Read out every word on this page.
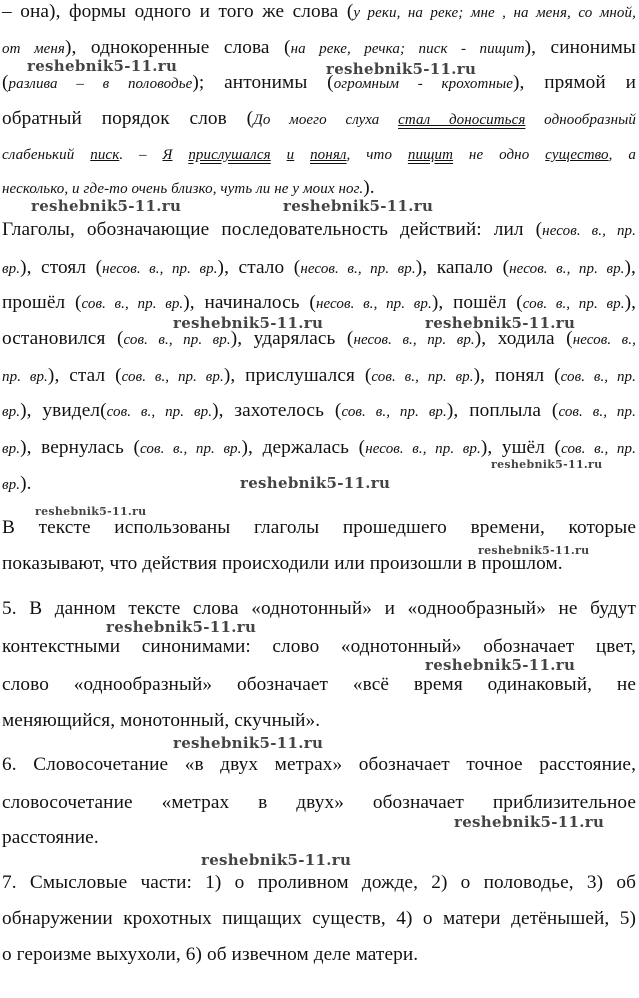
– она), формы одного и того же слова (у реки, на реке; мне , на меня, со мной,
от меня), однокоренные слова (на реке, речка; писк - пищит), синонимы
(разлива – в половодье); антонимы (огромным - крохотные), прямой и
обратный порядок слов (До моего слуха стал доноситься однообразный
слабенький писк. – Я прислушался и понял, что пищит не одно существо, а
несколько, и где-то очень близко, чуть ли не у моих ног.).
Глаголы, обозначающие последовательность действий: лил (несов. в., пр.
вр.), стоял (несов. в., пр. вр.), стало (несов. в., пр. вр.), капало (несов. в., пр. вр.),
прошёл (сов. в., пр. вр.), начиналось (несов. в., пр. вр.), пошёл (сов. в., пр. вр.),
остановился (сов. в., пр. вр.), ударялась (несов. в., пр. вр.), ходила (несов. в.,
пр. вр.), стал (сов. в., пр. вр.), прислушался (сов. в., пр. вр.), понял (сов. в., пр.
вр.), увидел(сов. в., пр. вр.), захотелось (сов. в., пр. вр.), поплыла (сов. в., пр.
вр.), вернулась (сов. в., пр. вр.), держалась (несов. в., пр. вр.), ушёл (сов. в., пр.
вр.).
В тексте использованы глаголы прошедшего времени, которые
показывают, что действия происходили или произошли в прошлом.
5. В данном тексте слова «однотонный» и «однообразный» не будут
контекстными синонимами: слово «однотонный» обозначает цвет,
слово «однообразный» обозначает «всё время одинаковый, не
меняющийся, монотонный, скучный».
6. Словосочетание «в двух метрах» обозначает точное расстояние,
словосочетание «метрах в двух» обозначает приблизительное
расстояние.
7. Смысловые части: 1) о проливном дожде, 2) о половодье, 3) об
обнаружении крохотных пищащих существ, 4) о матери детёнышей, 5)
о героизме выхухоли, 6) об извечном деле матери.
reshebnik5-11.ru	reshebnik5-11.ru
reshebnik5-11.ru	reshebnik5-11.ru
reshebnik5-11.ru	reshebnik5-11.ru
reshebnik5-11.ru
reshebnik5-11.ru
reshebnik5-11.ru
reshebnik5-11.ru
reshebnik5-11.ru
reshebnik5-11.ru
reshebnik5-11.ru
reshebnik5-11.ru
reshebnik5-11.ru
